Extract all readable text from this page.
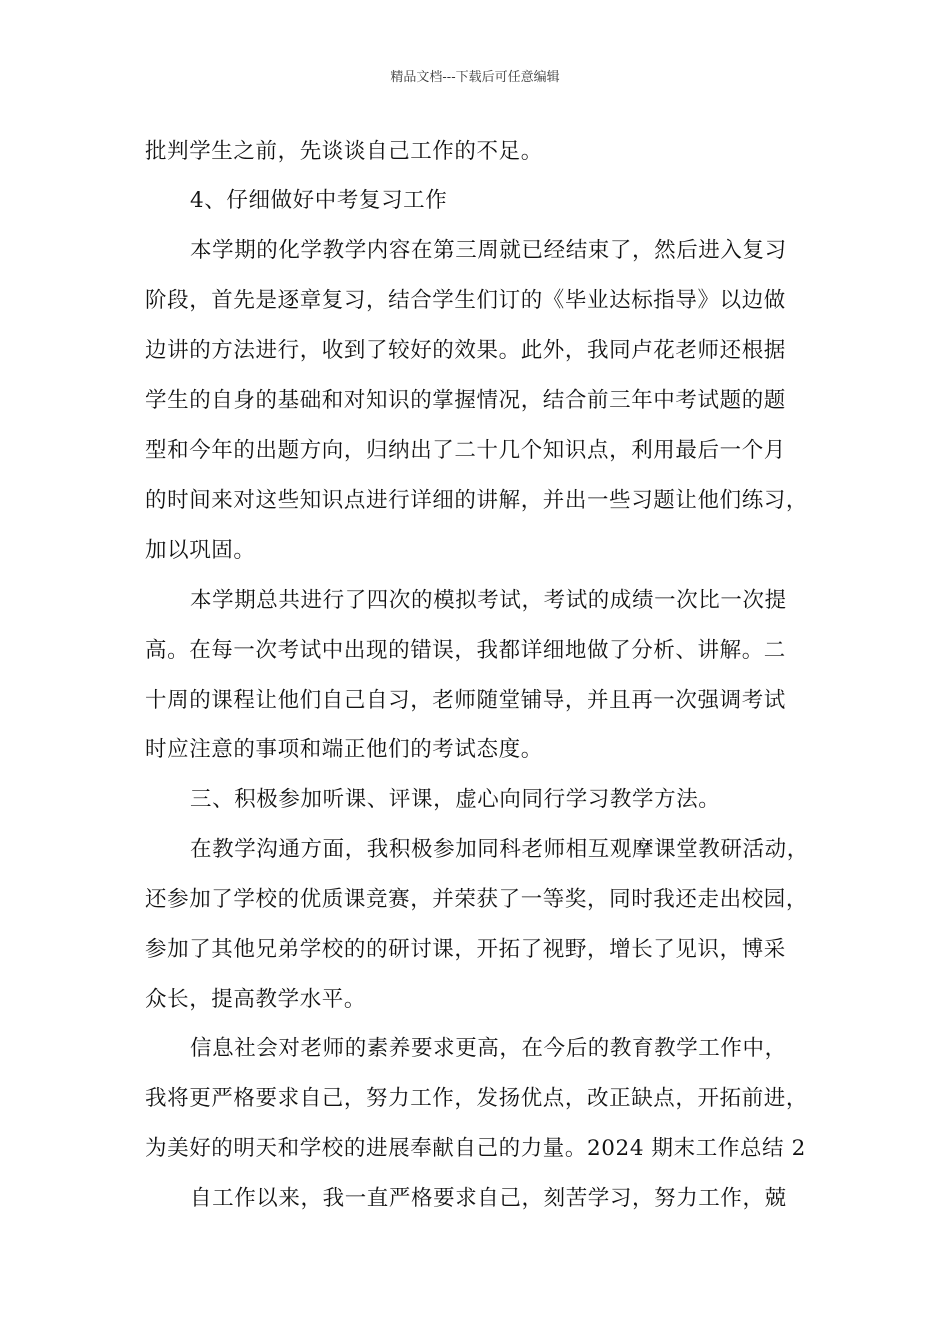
精品文档---下载后可任意编辑
批判学生之前，先谈谈自己工作的不足。
4、仔细做好中考复习工作
本学期的化学教学内容在第三周就已经结束了，然后进入复习
阶段，首先是逐章复习，结合学生们订的《毕业达标指导》以边做
边讲的方法进行，收到了较好的效果。此外，我同卢花老师还根据
学生的自身的基础和对知识的掌握情况，结合前三年中考试题的题
型和今年的出题方向，归纳出了二十几个知识点，利用最后一个月
的时间来对这些知识点进行详细的讲解，并出一些习题让他们练习，
加以巩固。
本学期总共进行了四次的模拟考试，考试的成绩一次比一次提
高。在每一次考试中出现的错误，我都详细地做了分析、讲解。二
十周的课程让他们自己自习，老师随堂铺导，并且再一次强调考试
时应注意的事项和端正他们的考试态度。
三、积极参加听课、评课，虚心向同行学习教学方法。
在教学沟通方面，我积极参加同科老师相互观摩课堂教研活动，
还参加了学校的优质课竞赛，并荣获了一等奖，同时我还走出校园，
参加了其他兄弟学校的的研讨课，开拓了视野，增长了见识，博采
众长，提高教学水平。
信息社会对老师的素养要求更高，在今后的教育教学工作中，
我将更严格要求自己，努力工作，发扬优点，改正缺点，开拓前进，
为美好的明天和学校的进展奉献自己的力量。2024 期末工作总结 2
自工作以来，我一直严格要求自己，刻苦学习，努力工作，兢
